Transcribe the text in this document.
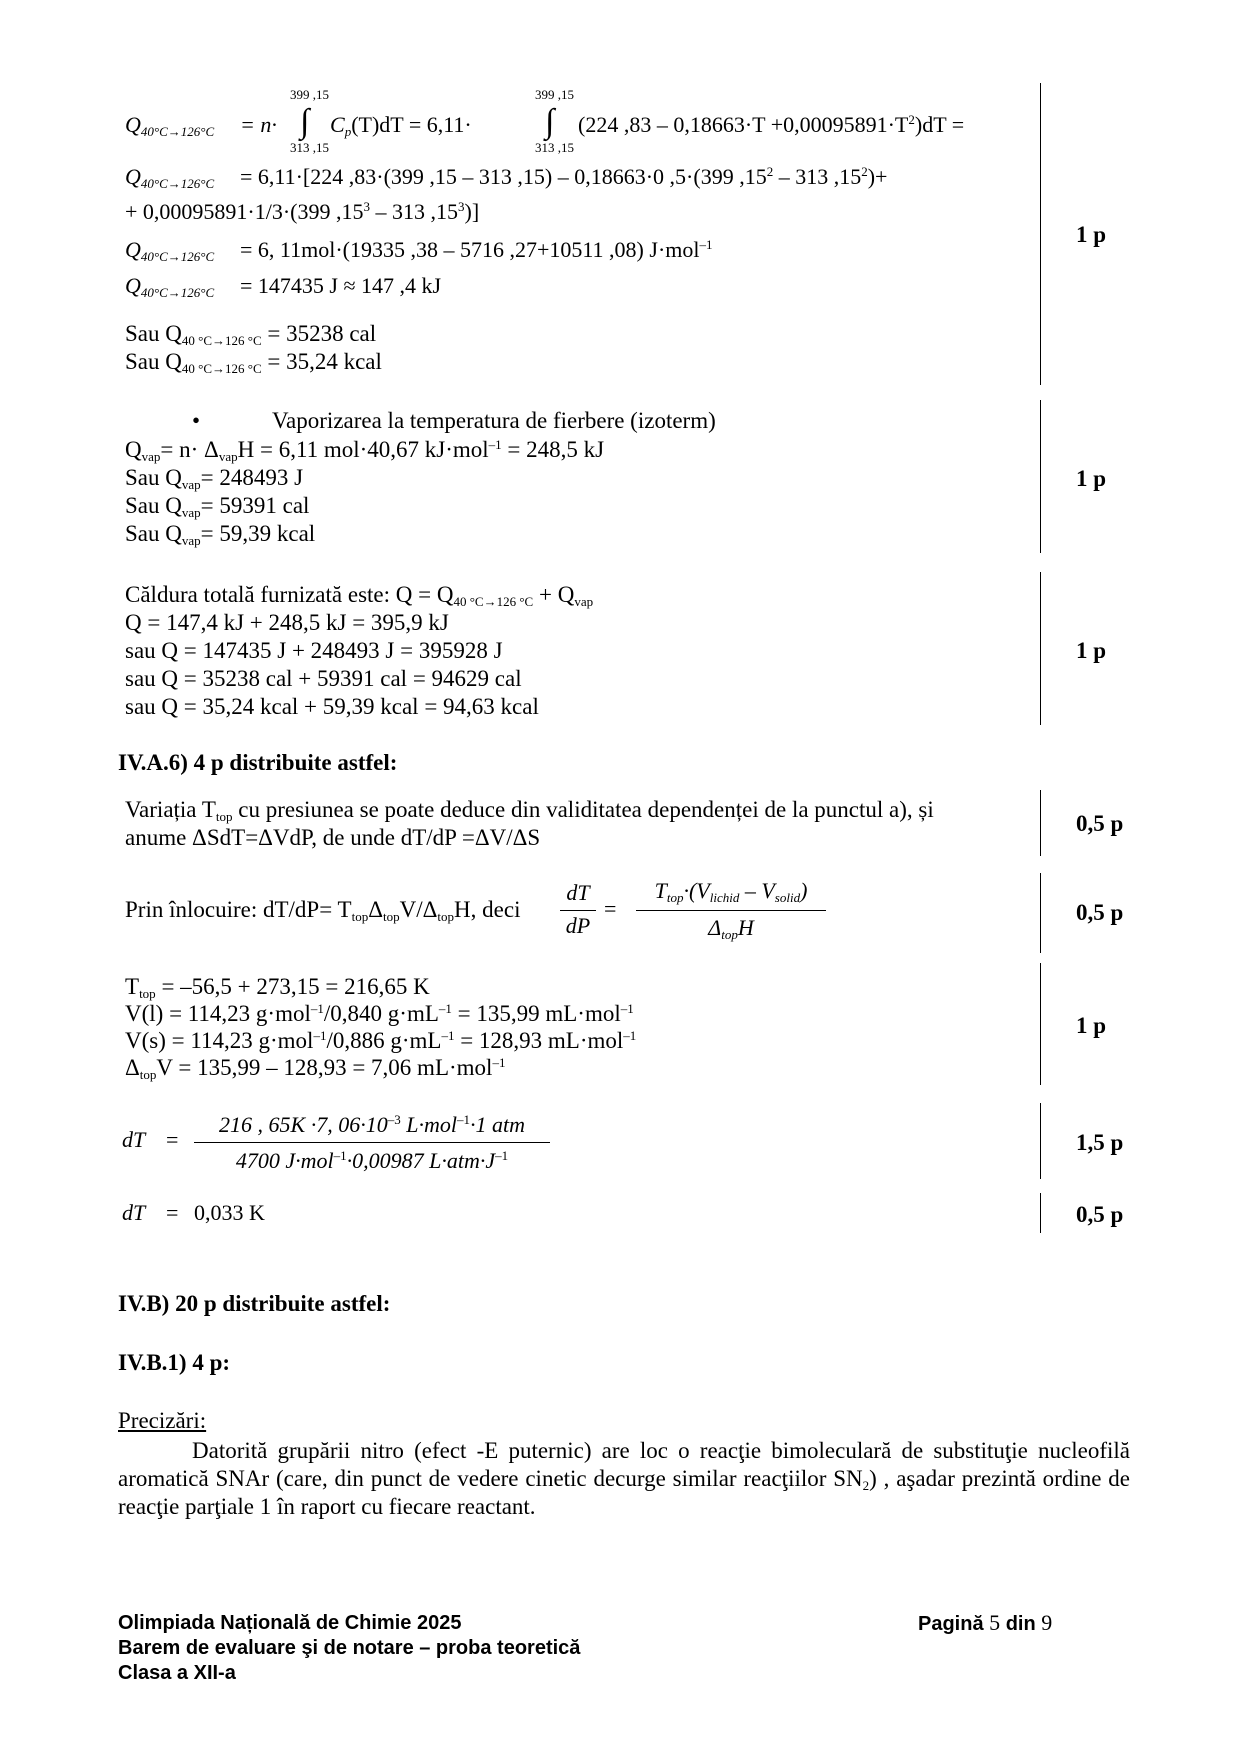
$Q_{40^\circ C\to 126^\circ C} = n\cdot$
399 ,15
∫
313 ,15
$C_p(T)dT = 6,11\cdot$
399 ,15
∫
313 ,15
(224 $,83 - 0,18663\cdot T +0,00095891\cdot T^2)dT$ =
$Q_{40^\circ C\to 126^\circ C} = 6,11\cdot[224$ ,83·(399 ,15 – 313 ,15) – 0,18663·0 ,5·(399 $,15^2 - 313$ $,15^2)+$
+ 0,00095891·1/3·(399 $,15^3 - 313$ $,15^3$)]
$Q_{40^\circ C\to 126^\circ C} = 6$, 11mol·(19335 ,38 – 5716 ,27+10511 ,08) J·mol$^{-1}$
$Q_{40^\circ C\to 126^\circ C} = 147435$ J ≈ 147 ,4 kJ
Sau $Q_{40 ^\circ C\to 126 ^\circ C} = 35238$ cal
Sau $Q_{40 ^\circ C\to 126 ^\circ C} = 35,24$ kcal
1 p
•	Vaporizarea la temperatura de fierbere (izoterm)
$Q_{vap}= n\cdot \Delta_{vap}H = 6,11$ mol·40,67 kJ·mol$^{-1}$ = 248,5 kJ
Sau $Q_{vap}= 248493$ J
Sau $Q_{vap}= 59391$ cal
Sau $Q_{vap}= 59,39$ kcal
1 p
Căldura totală furnizată este: $Q = Q_{40 ^\circ C\to 126 ^\circ C} + Q_{vap}$
Q = 147,4 kJ + 248,5 kJ = 395,9 kJ
sau Q = 147435 J + 248493 J = 395928 J
sau Q = 35238 cal + 59391 cal = 94629 cal
sau Q = 35,24 kcal + 59,39 kcal = 94,63 kcal
1 p
IV.A.6) 4 p distribuite astfel:
Variația $T_{top}$ cu presiunea se poate deduce din validitatea dependenței de la punctul a), și
anume ΔSdT=ΔVdP, de unde dT/dP =ΔV/ΔS
0,5 p
Prin înlocuire: $dT/dP= T_{top}\Delta_{top}V/\Delta_{top}H$, deci
dT
dP
=
$T_{top}\cdot(V_{lichid} - V_{solid})$
$\Delta_{top}H$
0,5 p
$T_{top} = -56,5 + 273,15 = 216,65$ K
V(l) = 114,23 g·mol$^{-1}$/0,840 $g\cdot mL^{-1} = 135,99$ mL·mol$^{-1}$
V(s) = 114,23 g·mol$^{-1}$/0,886 $g\cdot mL^{-1} = 128,93$ mL·mol$^{-1}$
$\Delta_{top}V = 135,99 - 128,93 = 7,06$ mL·mol$^{-1}$
1 p
dT =
216 , 65K ·7, $06\cdot 10^{-3}$ L·mol$^{-1}$·1 atm
4700 J·mol$^{-1}$·0,00987 $L\cdot atm\cdot J^{-1}$
1,5 p
dT = 0,033 K	0,5 p
IV.B) 20 p distribuite astfel:
IV.B.1) 4 p:
Precizări:
Datorită grupării nitro (efect -E puternic) are loc o reacţie bimoleculară de substituţie nucleofilă aromatică SNAr (care, din punct de vedere cinetic decurge similar reacţiilor $SN_2$) , aşadar prezintă ordine de reacţie parţiale 1 în raport cu fiecare reactant.
Olimpiada Națională de Chimie 2025
Barem de evaluare şi de notare – proba teoretică
Clasa a XII-a
Pagină 5 din 9
